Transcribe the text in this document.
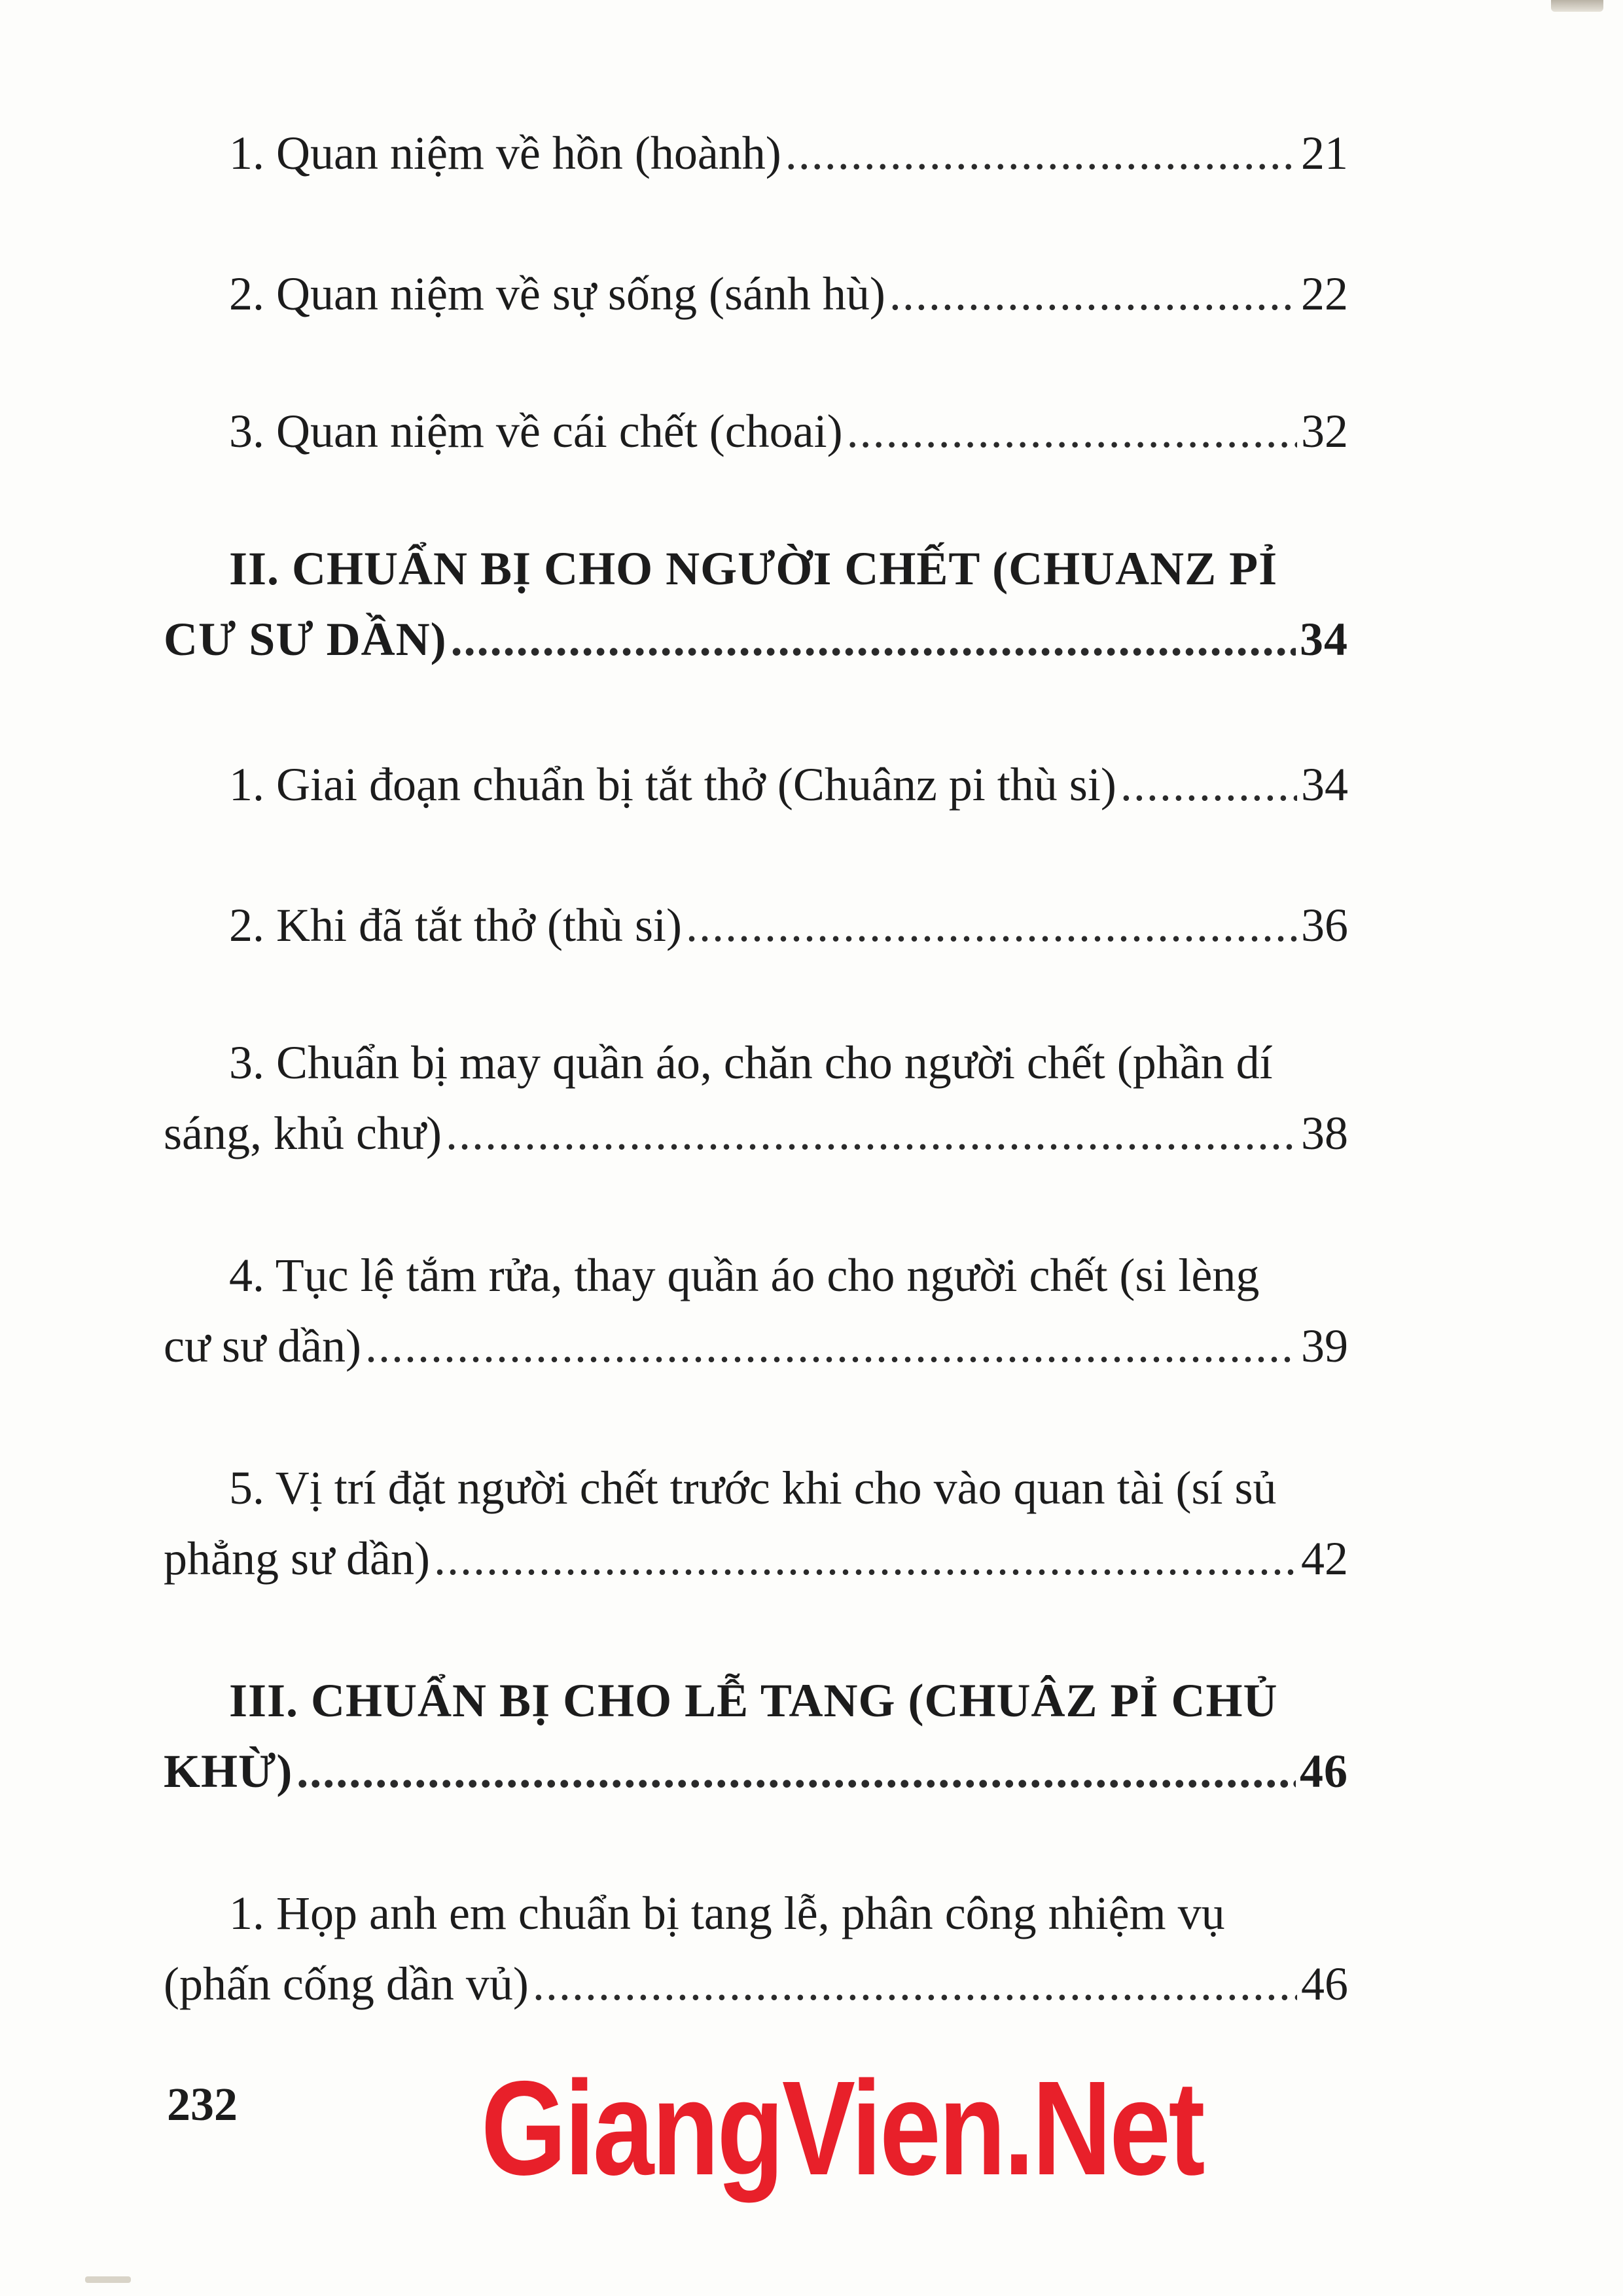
1. Quan niệm về hồn (hoành) .....	21
2. Quan niệm về sự sống (sánh hù) .....	22
3. Quan niệm về cái chết (choai) .....	32
II. CHUẨN BỊ CHO NGƯỜI CHẾT (CHUANZ PỈ
CƯ SƯ DẦN) .....	34
1. Giai đoạn chuẩn bị tắt thở (Chuânz pi thù si) .....	34
2. Khi đã tắt thở (thù si) .....	36
3. Chuẩn bị may quần áo, chăn cho người chết (phần dí
sáng, khủ chư) .....	38
4. Tục lệ tắm rửa, thay quần áo cho người chết (si lèng
cư sư dần) .....	39
5. Vị trí đặt người chết trước khi cho vào quan tài (sí sủ
phẳng sư dần) .....	42
III. CHUẨN BỊ CHO LỄ TANG (CHUÂZ PỈ CHỦ
KHỪ) .....	46
1. Họp anh em chuẩn bị tang lễ, phân công nhiệm vụ
(phấn cống dần vủ) .....	46
232 GiangVien.Net
